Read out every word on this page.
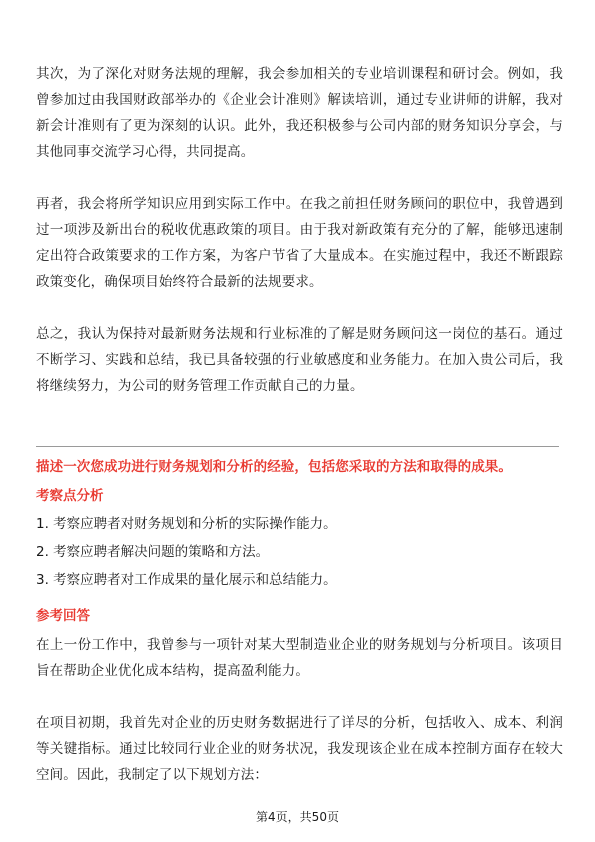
其次，为了深化对财务法规的理解，我会参加相关的专业培训课程和研讨会。例如，我曾参加过由我国财政部举办的《企业会计准则》解读培训，通过专业讲师的讲解，我对新会计准则有了更为深刻的认识。此外，我还积极参与公司内部的财务知识分享会，与其他同事交流学习心得，共同提高。

再者，我会将所学知识应用到实际工作中。在我之前担任财务顾问的职位中，我曾遇到过一项涉及新出台的税收优惠政策的项目。由于我对新政策有充分的了解，能够迅速制定出符合政策要求的工作方案，为客户节省了大量成本。在实施过程中，我还不断跟踪政策变化，确保项目始终符合最新的法规要求。

总之，我认为保持对最新财务法规和行业标准的了解是财务顾问这一岗位的基石。通过不断学习、实践和总结，我已具备较强的行业敏感度和业务能力。在加入贵公司后，我将继续努力，为公司的财务管理工作贡献自己的力量。

描述一次您成功进行财务规划和分析的经验，包括您采取的方法和取得的成果。
考察点分析
1. 考察应聘者对财务规划和分析的实际操作能力。
2. 考察应聘者解决问题的策略和方法。
3. 考察应聘者对工作成果的量化展示和总结能力。
参考回答

在上一份工作中，我曾参与一项针对某大型制造业企业的财务规划与分析项目。该项目旨在帮助企业优化成本结构，提高盈利能力。

在项目初期，我首先对企业的历史财务数据进行了详尽的分析，包括收入、成本、利润等关键指标。通过比较同行业企业的财务状况，我发现该企业在成本控制方面存在较大空间。因此，我制定了以下规划方法：

第4页，共50页
